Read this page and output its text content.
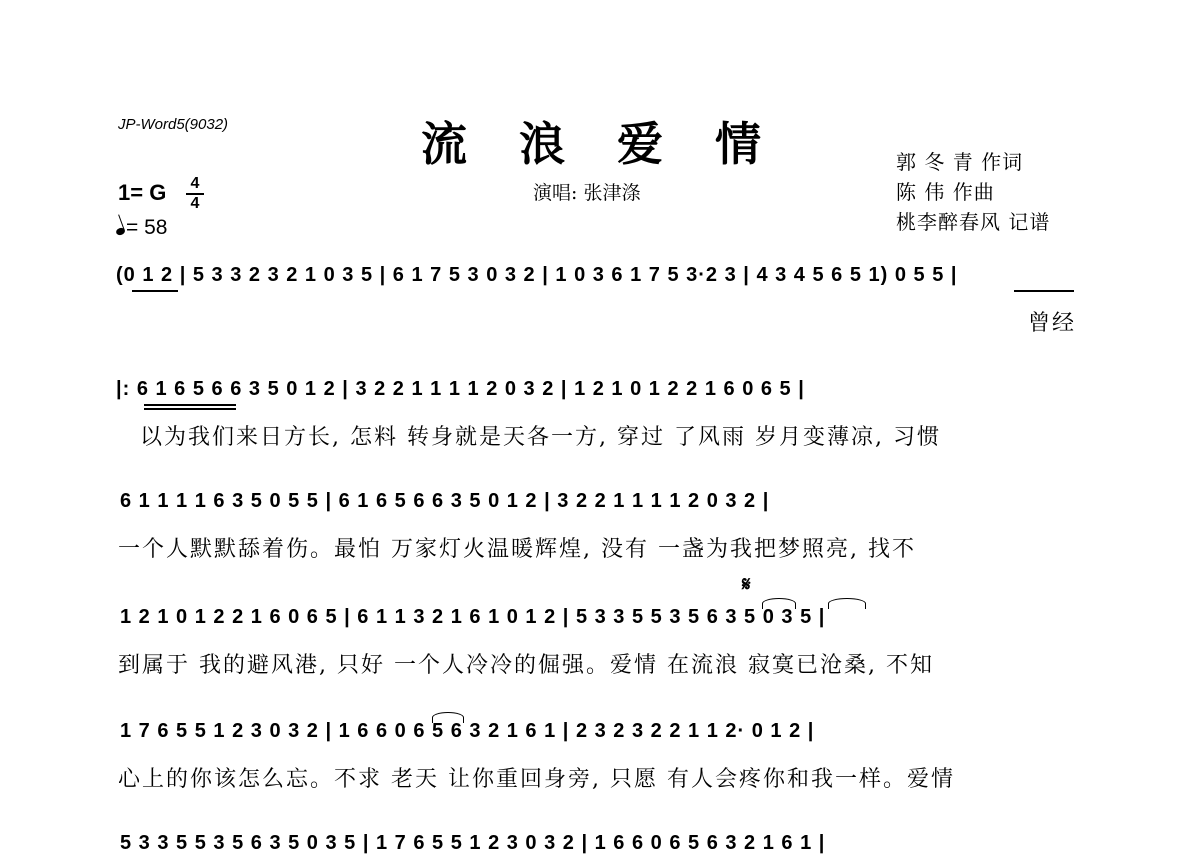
JP-Word5(9032)	流 浪 爱 情
演唱: 张津涤
郭 冬 青 作词
陈 伟 作曲
桃李醉春风 记谱
1= G 4
4
= 58
(0 1 2 | 5 3 3 2 3 2 1 0 3 5 | 6 1 7 5 3 0 3 2 | 1 0 3 6 1 7 5 3·2 3 | 4 3 4 5 6 5 1) 0 5 5 |
曾经
|: 6 1 6 5 6 6 3 5 0 1 2 | 3 2 2 1 1 1 1 2 0 3 2 | 1 2 1 0 1 2 2 1 6 0 6 5 |
以为我们来日方长, 怎料 转身就是天各一方, 穿过 了风雨 岁月变薄凉, 习惯
6 1 1 1 1 6 3 5 0 5 5 | 6 1 6 5 6 6 3 5 0 1 2 | 3 2 2 1 1 1 1 2 0 3 2 |
一个人默默舔着伤。最怕 万家灯火温暖辉煌, 没有 一盏为我把梦照亮, 找不
𝄋
1 2 1 0 1 2 2 1 6 0 6 5 | 6 1 1 3 2 1 6 1 0 1 2 | 5 3 3 5 5 3 5 6 3 5 0 3 5 |
到属于 我的避风港, 只好 一个人冷冷的倔强。爱情 在流浪 寂寞已沧桑, 不知
1 7 6 5 5 1 2 3 0 3 2 | 1 6 6 0 6 5 6 3 2 1 6 1 | 2 3 2 3 2 2 1 1 2· 0 1 2 |
心上的你该怎么忘。不求 老天 让你重回身旁, 只愿 有人会疼你和我一样。爱情
5 3 3 5 5 3 5 6 3 5 0 3 5 | 1 7 6 5 5 1 2 3 0 3 2 | 1 6 6 0 6 5 6 3 2 1 6 1 |
